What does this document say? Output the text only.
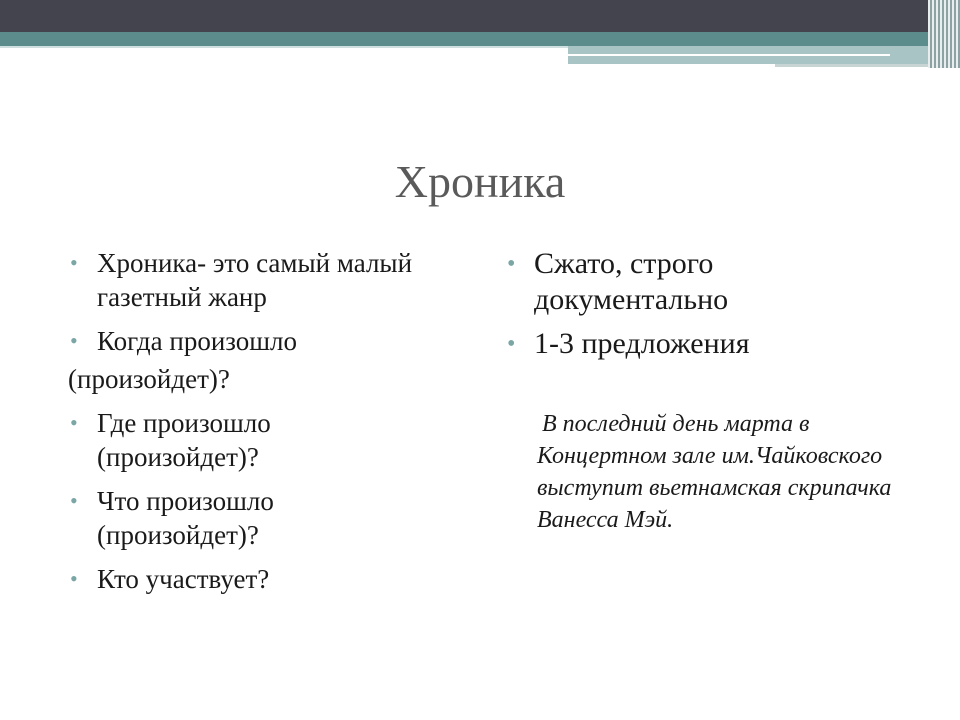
Хроника
• Хроника- это самый малый газетный жанр
• Когда произошло
(произойдет)?
• Где произошло (произойдет)?
• Что произошло (произойдет)?
• Кто участвует?
• Сжато, строго документально
• 1-3 предложения
В последний день марта в Концертном зале им.Чайковского выступит вьетнамская скрипачка Ванесса Мэй.
